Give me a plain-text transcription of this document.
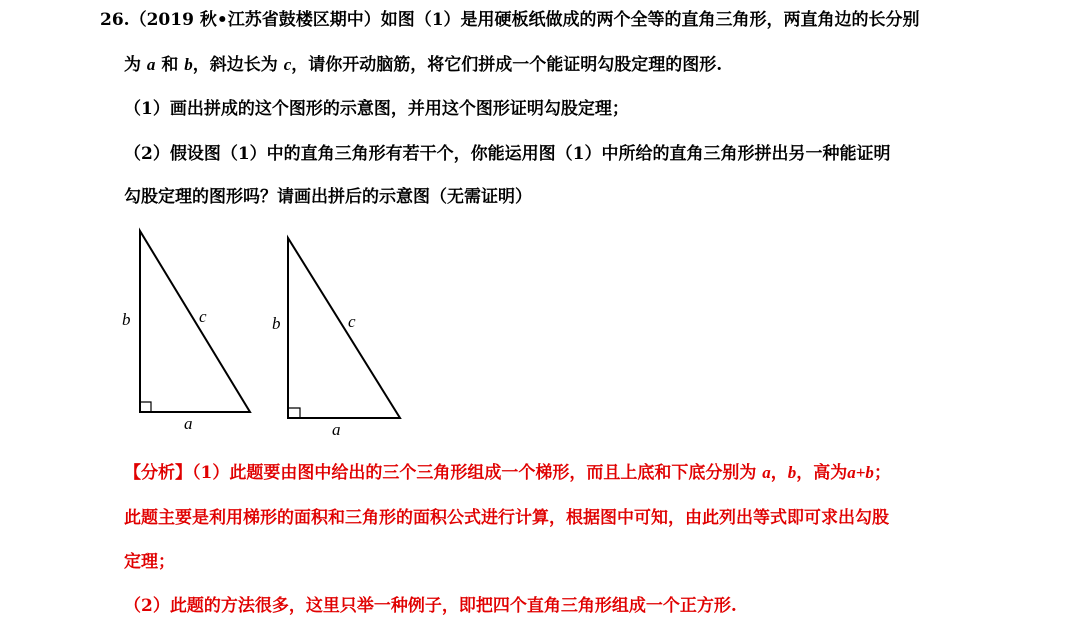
26.（2019 秋•江苏省鼓楼区期中）如图（1）是用硬板纸做成的两个全等的直角三角形，两直角边的长分别
为 a 和 b，斜边长为 c，请你开动脑筋，将它们拼成一个能证明勾股定理的图形.
（1）画出拼成的这个图形的示意图，并用这个图形证明勾股定理；
（2）假设图（1）中的直角三角形有若干个，你能运用图（1）中所给的直角三角形拼出另一种能证明
勾股定理的图形吗？请画出拼后的示意图（无需证明）
b	c
a
b	c
a
【分析】（1）此题要由图中给出的三个三角形组成一个梯形，而且上底和下底分别为 a，b，高为a+b；
此题主要是利用梯形的面积和三角形的面积公式进行计算，根据图中可知，由此列出等式即可求出勾股
定理；
（2）此题的方法很多，这里只举一种例子，即把四个直角三角形组成一个正方形.
